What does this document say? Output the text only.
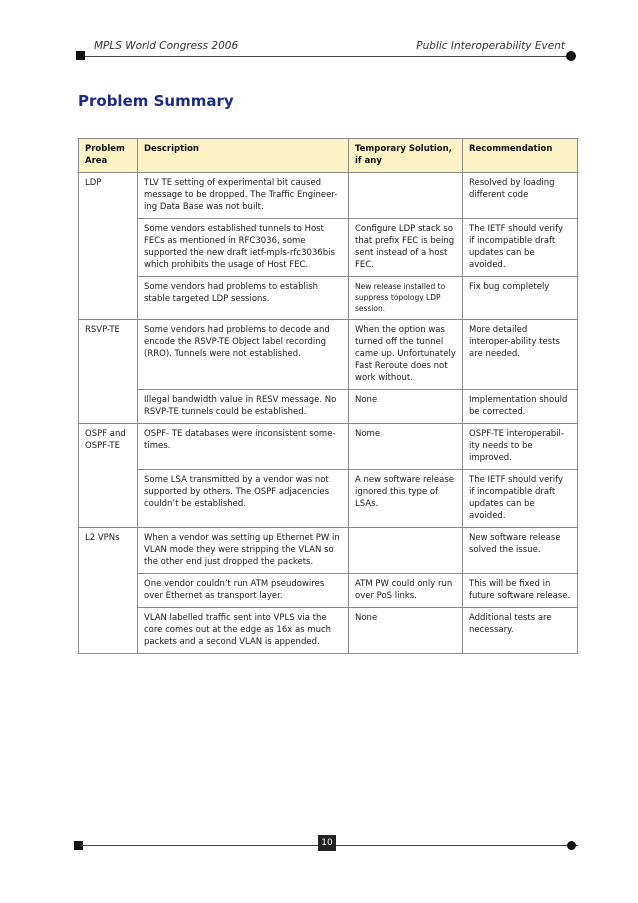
MPLS World Congress 2006	Public Interoperability Event
Problem Summary
Problem Area	Description	Temporary Solution, if any	Recommendation
LDP	TLV TE setting of experimental bit caused message to be dropped. The Traffic Engineer-ing Data Base was not built.		Resolved by loading different code
	Some vendors established tunnels to Host FECs as mentioned in RFC3036, some supported the new draft ietf-mpls-rfc3036bis which prohibits the usage of Host FEC.	Configure LDP stack so that prefix FEC is being sent instead of a host FEC.	The IETF should verify if incompatible draft updates can be avoided.
	Some vendors had problems to establish stable targeted LDP sessions.	New release installed to suppress topology LDP session.	Fix bug completely
RSVP-TE	Some vendors had problems to decode and encode the RSVP-TE Object label recording (RRO). Tunnels were not established.	When the option was turned off the tunnel came up. Unfortunately Fast Reroute does not work without.	More detailed interoper-ability tests are needed.
	Illegal bandwidth value in RESV message. No RSVP-TE tunnels could be established.	None	Implementation should be corrected.
OSPF and OSPF-TE	OSPF- TE databases were inconsistent some-times.	Nome	OSPF-TE interoperabil-ity needs to be improved.
	Some LSA transmitted by a vendor was not supported by others. The OSPF adjacencies couldn’t be established.	A new software release ignored this type of LSAs.	The IETF should verify if incompatible draft updates can be avoided.
L2 VPNs	When a vendor was setting up Ethernet PW in VLAN mode they were stripping the VLAN so the other end just dropped the packets.		New software release solved the issue.
	One vendor couldn’t run ATM pseudowires over Ethernet as transport layer.	ATM PW could only run over PoS links.	This will be fixed in future software release.
	VLAN labelled traffic sent into VPLS via the core comes out at the edge as 16x as much packets and a second VLAN is appended.	None	Additional tests are necessary.
10
